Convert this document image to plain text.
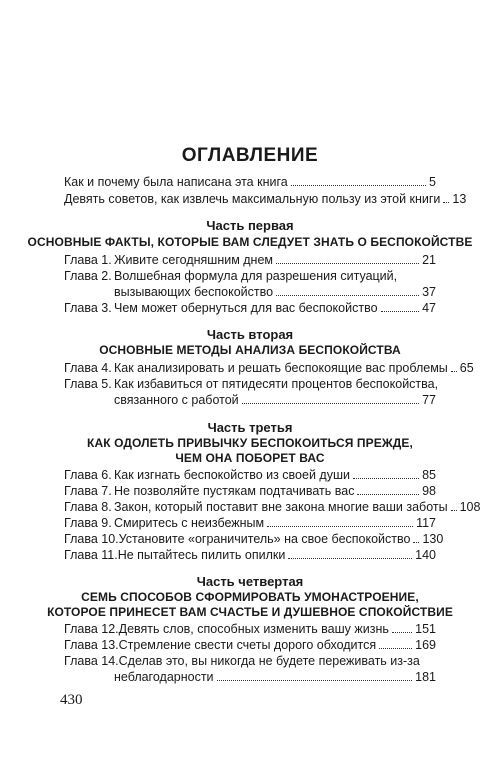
ОГЛАВЛЕНИЕ
Как и почему была написана эта книга	5
Девять советов, как извлечь максимальную пользу из этой книги 13
Часть первая
ОСНОВНЫЕ ФАКТЫ, КОТОРЫЕ ВАМ СЛЕДУЕТ ЗНАТЬ О БЕСПОКОЙСТВЕ
Глава 1. Живите сегодняшним днем	21
Глава 2. Волшебная формула для разрешения ситуаций,
вызывающих беспокойство	37
Глава 3. Чем может обернуться для вас беспокойство	47
Часть вторая
ОСНОВНЫЕ МЕТОДЫ АНАЛИЗА БЕСПОКОЙСТВА
Глава 4. Как анализировать и решать беспокоящие вас проблемы 65
Глава 5. Как избавиться от пятидесяти процентов беспокойства,
связанного с работой	77
Часть третья
КАК ОДОЛЕТЬ ПРИВЫЧКУ БЕСПОКОИТЬСЯ ПРЕЖДЕ,
ЧЕМ ОНА ПОБОРЕТ ВАС
Глава 6. Как изгнать беспокойство из своей души	85
Глава 7. Не позволяйте пустякам подтачивать вас	98
Глава 8. Закон, который поставит вне закона многие ваши заботы 108
Глава 9. Смиритесь с неизбежным	117
Глава 10. Установите «ограничитель» на свое беспокойство 130
Глава 11. Не пытайтесь пилить опилки	140
Часть четвертая
СЕМЬ СПОСОБОВ СФОРМИРОВАТЬ УМОНАСТРОЕНИЕ,
КОТОРОЕ ПРИНЕСЕТ ВАМ СЧАСТЬЕ И ДУШЕВНОЕ СПОКОЙСТВИЕ
Глава 12. Девять слов, способных изменить вашу жизнь 151
Глава 13. Стремление свести счеты дорого обходится	169
Глава 14. Сделав это, вы никогда не будете переживать из-за
неблагодарности	181
430
